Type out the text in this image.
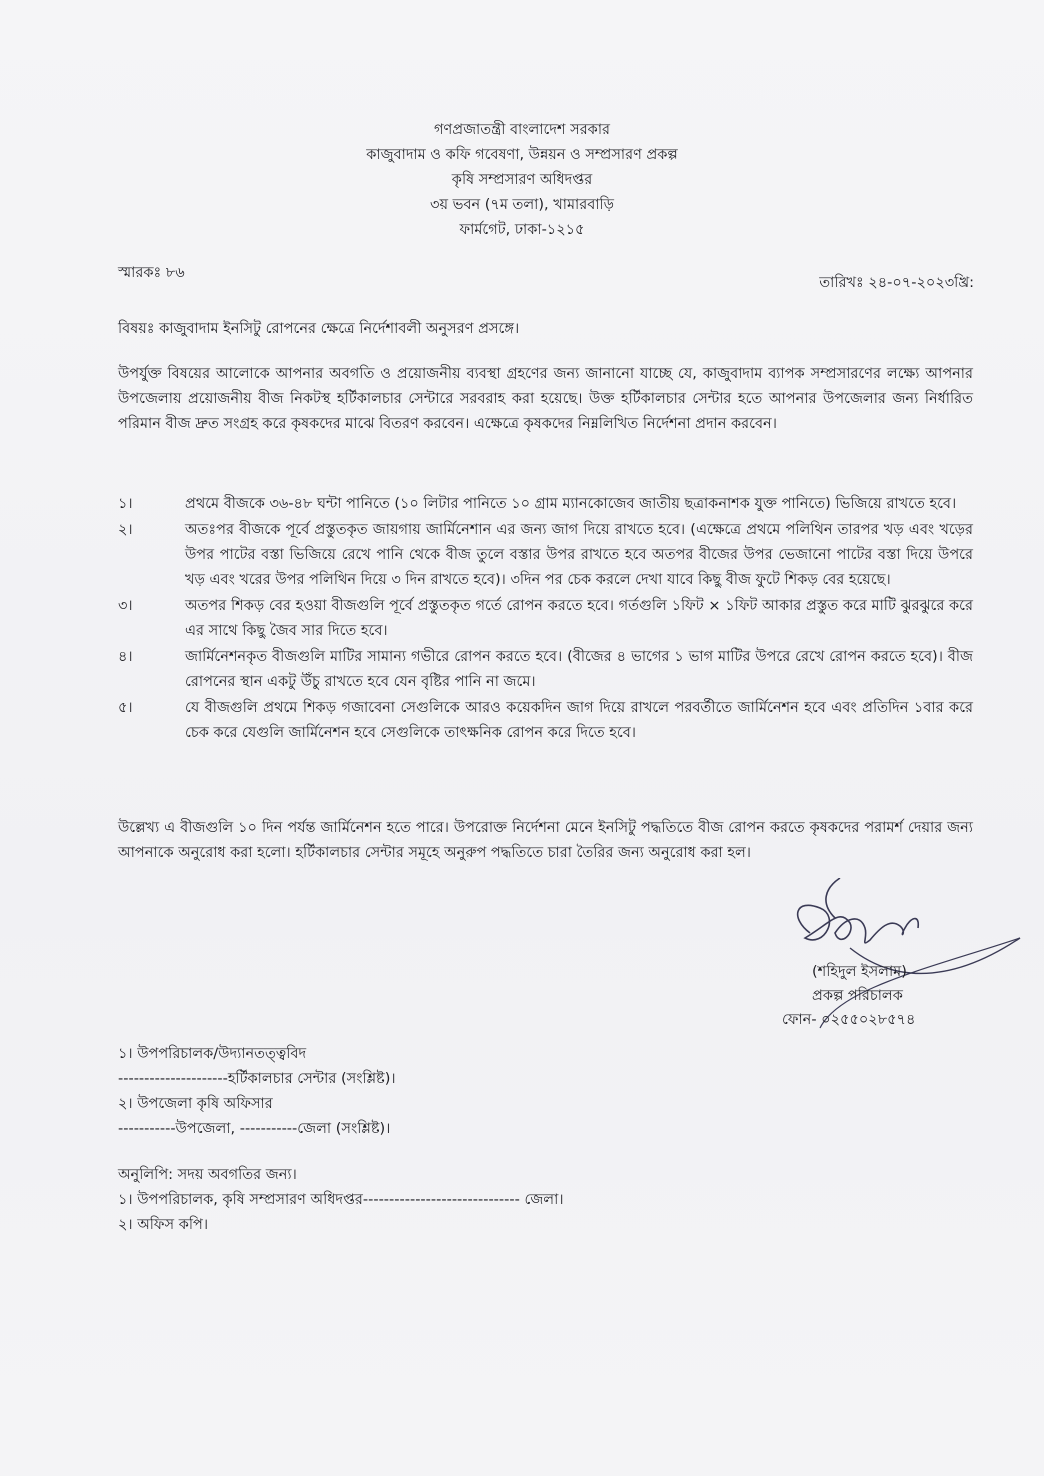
গণপ্রজাতন্ত্রী বাংলাদেশ সরকার
কাজুবাদাম ও কফি গবেষণা, উন্নয়ন ও সম্প্রসারণ প্রকল্প
কৃষি সম্প্রসারণ অধিদপ্তর
৩য় ভবন (৭ম তলা), খামারবাড়ি
ফার্মগেট, ঢাকা-১২১৫
স্মারকঃ ৮৬
তারিখঃ ২৪-০৭-২০২৩খ্রি:
বিষয়ঃ কাজুবাদাম ইনসিটু রোপনের ক্ষেত্রে নির্দেশাবলী অনুসরণ প্রসঙ্গে।
উপর্যুক্ত বিষয়ের আলোকে আপনার অবগতি ও প্রয়োজনীয় ব্যবস্থা গ্রহণের জন্য জানানো যাচ্ছে যে, কাজুবাদাম ব্যাপক সম্প্রসারণের লক্ষ্যে আপনার উপজেলায় প্রয়োজনীয় বীজ নিকটস্থ হর্টিকালচার সেন্টারে সরবরাহ করা হয়েছে। উক্ত হর্টিকালচার সেন্টার হতে আপনার উপজেলার জন্য নির্ধারিত পরিমান বীজ দ্রুত সংগ্রহ করে কৃষকদের মাঝে বিতরণ করবেন। এক্ষেত্রে কৃষকদের নিম্নলিখিত নির্দেশনা প্রদান করবেন।
১।	প্রথমে বীজকে ৩৬-৪৮ ঘন্টা পানিতে (১০ লিটার পানিতে ১০ গ্রাম ম্যানকোজেব জাতীয় ছত্রাকনাশক যুক্ত পানিতে) ভিজিয়ে রাখতে হবে।
২।	অতঃপর বীজকে পূর্বে প্রস্তুতকৃত জায়গায় জার্মিনেশান এর জন্য জাগ দিয়ে রাখতে হবে। (এক্ষেত্রে প্রথমে পলিথিন তারপর খড় এবং খড়ের উপর পাটের বস্তা ভিজিয়ে রেখে পানি থেকে বীজ তুলে বস্তার উপর রাখতে হবে অতপর বীজের উপর ভেজানো পাটের বস্তা দিয়ে উপরে খড় এবং খরের উপর পলিথিন দিয়ে ৩ দিন রাখতে হবে)। ৩দিন পর চেক করলে দেখা যাবে কিছু বীজ ফুটে শিকড় বের হয়েছে।
৩।	অতপর শিকড় বের হওয়া বীজগুলি পূর্বে প্রস্তুতকৃত গর্তে রোপন করতে হবে। গর্তগুলি ১ফিট × ১ফিট আকার প্রস্তুত করে মাটি ঝুরঝুরে করে এর সাথে কিছু জৈব সার দিতে হবে।
৪।	জার্মিনেশনকৃত বীজগুলি মাটির সামান্য গভীরে রোপন করতে হবে। (বীজের ৪ ভাগের ১ ভাগ মাটির উপরে রেখে রোপন করতে হবে)। বীজ রোপনের স্থান একটু উঁচু রাখতে হবে যেন বৃষ্টির পানি না জমে।
৫।	যে বীজগুলি প্রথমে শিকড় গজাবেনা সেগুলিকে আরও কয়েকদিন জাগ দিয়ে রাখলে পরবর্তীতে জার্মিনেশন হবে এবং প্রতিদিন ১বার করে চেক করে যেগুলি জার্মিনেশন হবে সেগুলিকে তাৎক্ষনিক রোপন করে দিতে হবে।
উল্লেখ্য এ বীজগুলি ১০ দিন পর্যন্ত জার্মিনেশন হতে পারে। উপরোক্ত নির্দেশনা মেনে ইনসিটু পদ্ধতিতে বীজ রোপন করতে কৃষকদের পরামর্শ দেয়ার জন্য আপনাকে অনুরোধ করা হলো। হর্টিকালচার সেন্টার সমূহে অনুরুপ পদ্ধতিতে চারা তৈরির জন্য অনুরোধ করা হল।
(শহিদুল ইসলাম)
প্রকল্প পরিচালক
ফোন- ০২৫৫০২৮৫৭৪
১। উপপরিচালক/উদ্যানতত্ত্ববিদ
---------------------হর্টিকালচার সেন্টার (সংশ্লিষ্ট)।
২। উপজেলা কৃষি অফিসার
-----------উপজেলা, -----------জেলা (সংশ্লিষ্ট)।
অনুলিপি: সদয় অবগতির জন্য।
১। উপপরিচালক, কৃষি সম্প্রসারণ অধিদপ্তর------------------------------ জেলা।
২। অফিস কপি।
